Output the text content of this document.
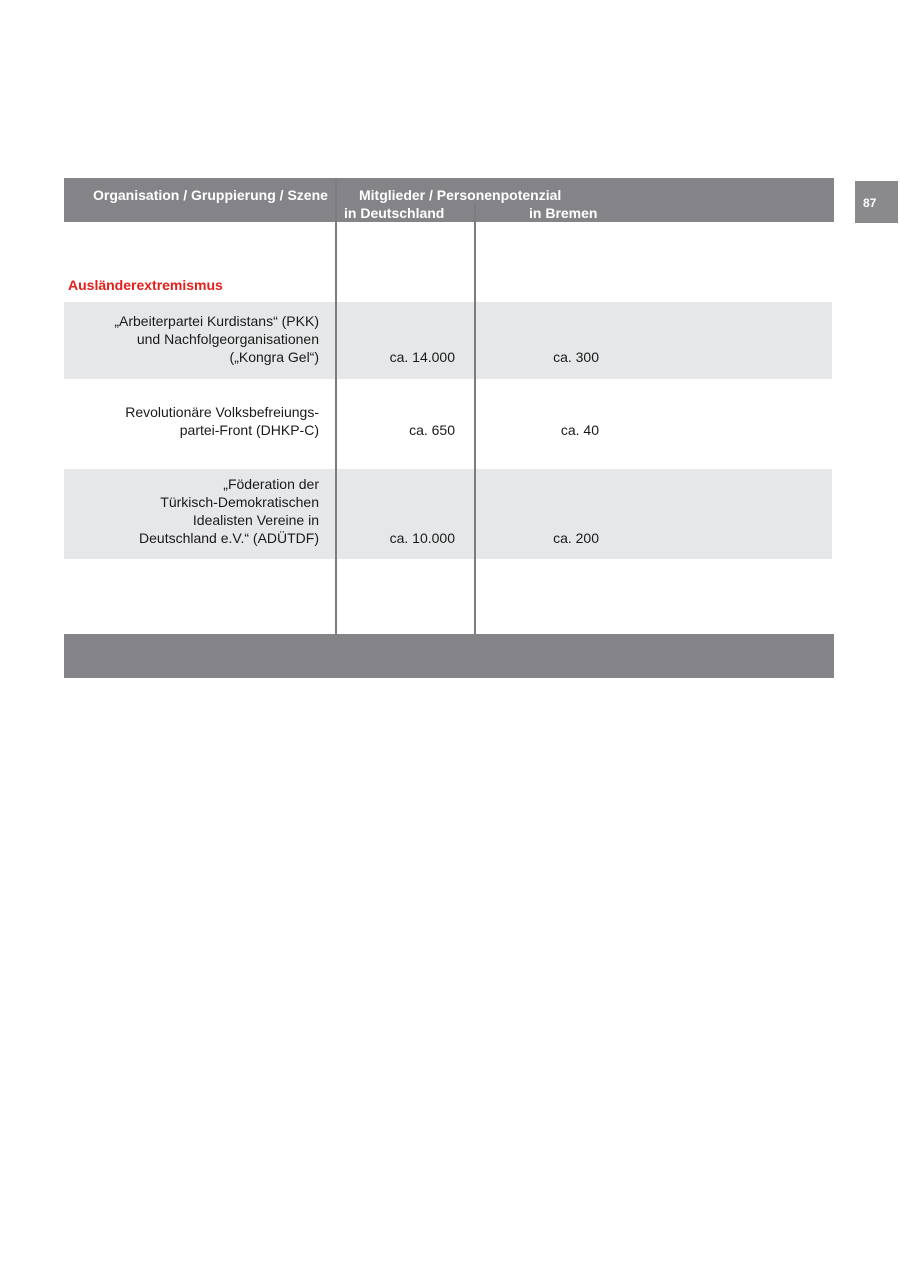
87
Organisation / Gruppierung / Szene Mitglieder / Personenpotenzial
in Deutschland	in Bremen
Ausländerextremismus
„Arbeiterpartei Kurdistans“ (PKK)
und Nachfolgeorganisationen
(„Kongra Gel“)	ca. 14.000	ca. 300
Revolutionäre Volksbefreiungs-
partei-Front (DHKP-C)	ca. 650	ca. 40
„Föderation der
Türkisch-Demokratischen
Idealisten Vereine in
Deutschland e.V.“ (ADÜTDF)	ca. 10.000	ca. 200
